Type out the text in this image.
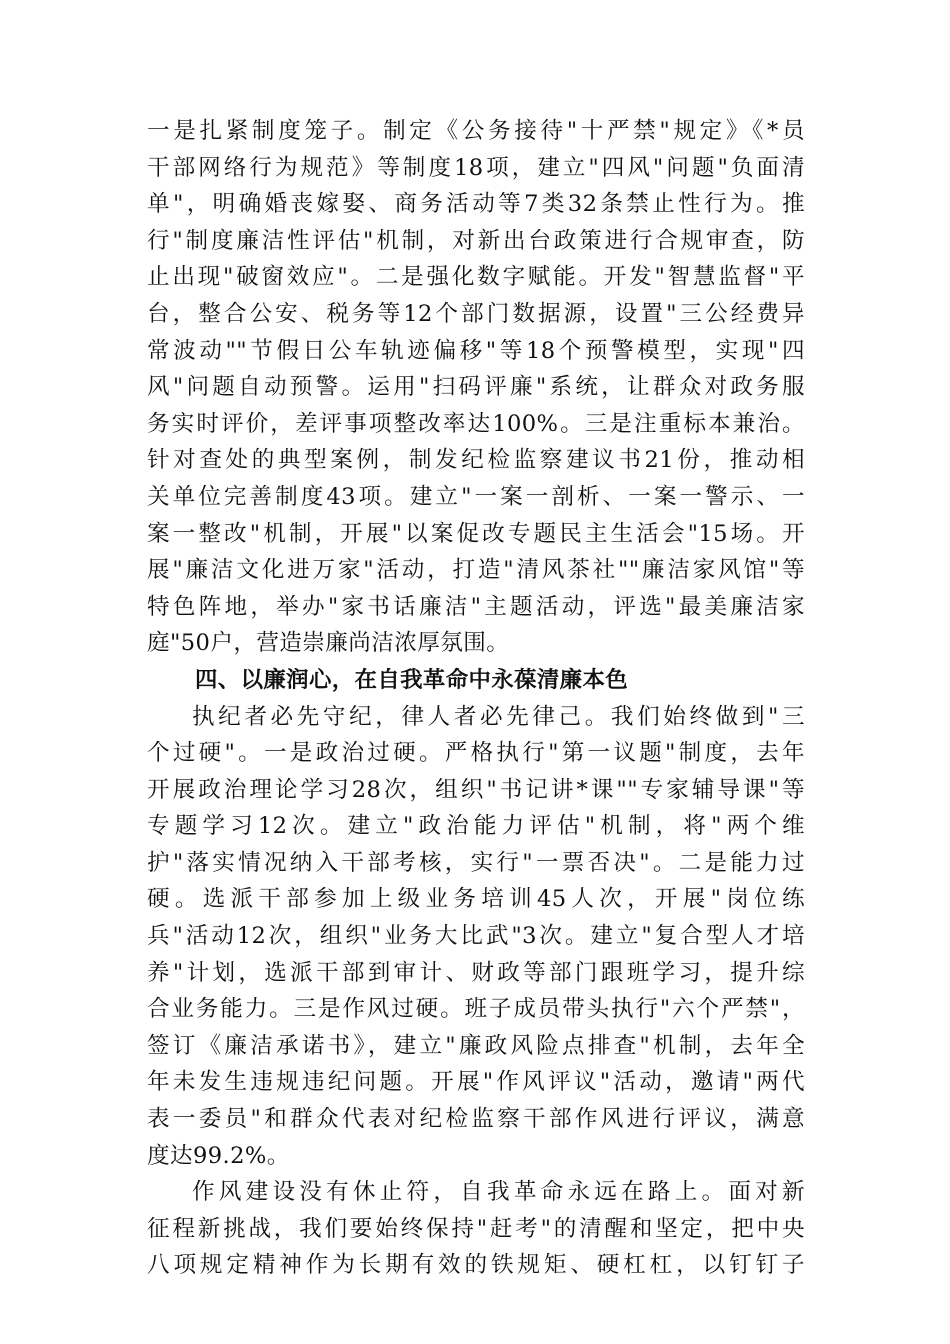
一是扎紧制度笼子。制定《公务接待"十严禁"规定》《*员
干部网络行为规范》等制度18项，建立"四风"问题"负面清
单"，明确婚丧嫁娶、商务活动等7类32条禁止性行为。推
行"制度廉洁性评估"机制，对新出台政策进行合规审查，防
止出现"破窗效应"。二是强化数字赋能。开发"智慧监督"平
台，整合公安、税务等12个部门数据源，设置"三公经费异
常波动""节假日公车轨迹偏移"等18个预警模型，实现"四
风"问题自动预警。运用"扫码评廉"系统，让群众对政务服
务实时评价，差评事项整改率达100%。三是注重标本兼治。
针对查处的典型案例，制发纪检监察建议书21份，推动相
关单位完善制度43项。建立"一案一剖析、一案一警示、一
案一整改"机制，开展"以案促改专题民主生活会"15场。开
展"廉洁文化进万家"活动，打造"清风茶社""廉洁家风馆"等
特色阵地，举办"家书话廉洁"主题活动，评选"最美廉洁家
庭"50户，营造崇廉尚洁浓厚氛围。
四、以廉润心，在自我革命中永葆清廉本色
执纪者必先守纪，律人者必先律己。我们始终做到"三
个过硬"。一是政治过硬。严格执行"第一议题"制度，去年
开展政治理论学习28次，组织"书记讲*课""专家辅导课"等
专题学习12次。建立"政治能力评估"机制，将"两个维
护"落实情况纳入干部考核，实行"一票否决"。二是能力过
硬。选派干部参加上级业务培训45人次，开展"岗位练
兵"活动12次，组织"业务大比武"3次。建立"复合型人才培
养"计划，选派干部到审计、财政等部门跟班学习，提升综
合业务能力。三是作风过硬。班子成员带头执行"六个严禁"，
签订《廉洁承诺书》，建立"廉政风险点排查"机制，去年全
年未发生违规违纪问题。开展"作风评议"活动，邀请"两代
表一委员"和群众代表对纪检监察干部作风进行评议，满意
度达99.2%。
作风建设没有休止符，自我革命永远在路上。面对新
征程新挑战，我们要始终保持"赶考"的清醒和坚定，把中央
八项规定精神作为长期有效的铁规矩、硬杠杠，以钉钉子
